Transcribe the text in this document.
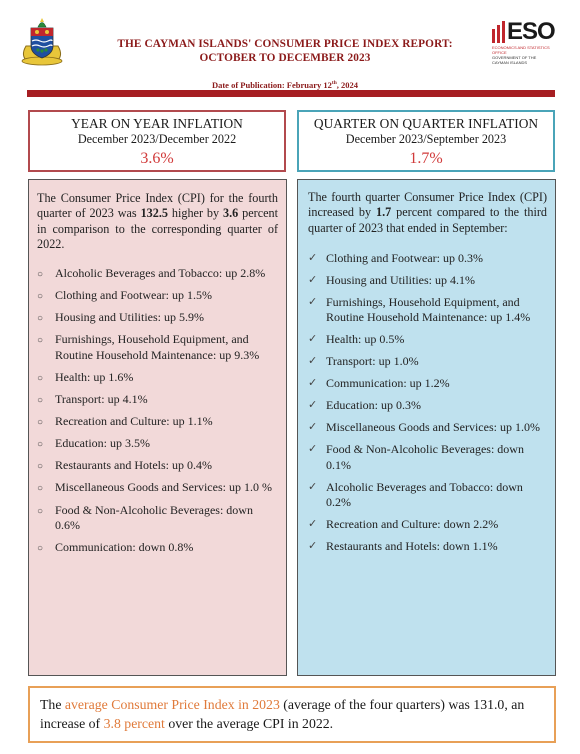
ESO
ECONOMICS AND STATISTICS OFFICE
GOVERNMENT OF THE CAYMAN ISLANDS
THE CAYMAN ISLANDS' CONSUMER PRICE INDEX REPORT:
OCTOBER TO DECEMBER 2023
Date of Publication: February 12th, 2024
YEAR ON YEAR INFLATION
December 2023/December 2022
3.6%
QUARTER ON QUARTER INFLATION
December 2023/September 2023
1.7%

The Consumer Price Index (CPI) for the fourth quarter of 2023 was 132.5 higher by 3.6 percent in comparison to the corresponding quarter of 2022.

○ Alcoholic Beverages and Tobacco: up 2.8%
○ Clothing and Footwear: up 1.5%
○ Housing and Utilities: up 5.9%
○ Furnishings, Household Equipment, and Routine Household Maintenance: up 9.3%
○ Health: up 1.6%
○ Transport: up 4.1%
○ Recreation and Culture: up 1.1%
○ Education: up 3.5%
○ Restaurants and Hotels: up 0.4%
○ Miscellaneous Goods and Services: up 1.0 %
○ Food & Non-Alcoholic Beverages: down 0.6%
○ Communication: down 0.8%

The fourth quarter Consumer Price Index (CPI) increased by 1.7 percent compared to the third quarter of 2023 that ended in September:

✓ Clothing and Footwear: up 0.3%
✓ Housing and Utilities: up 4.1%
✓ Furnishings, Household Equipment, and Routine Household Maintenance: up 1.4%
✓ Health: up 0.5%
✓ Transport: up 1.0%
✓ Communication: up 1.2%
✓ Education: up 0.3%
✓ Miscellaneous Goods and Services: up 1.0%
✓ Food & Non-Alcoholic Beverages: down 0.1%
✓ Alcoholic Beverages and Tobacco: down 0.2%
✓ Recreation and Culture: down 2.2%
✓ Restaurants and Hotels: down 1.1%
The average Consumer Price Index in 2023 (average of the four quarters) was 131.0, an increase of 3.8 percent over the average CPI in 2022.
